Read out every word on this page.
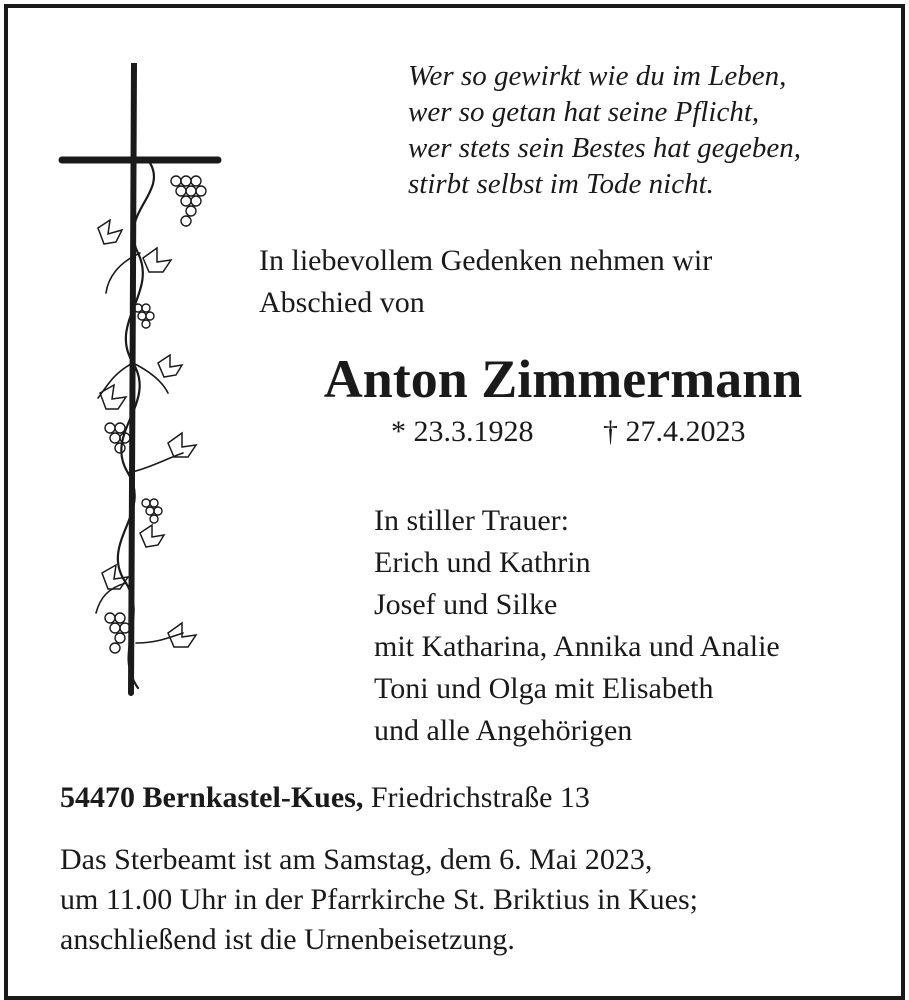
Wer so gewirkt wie du im Leben,
wer so getan hat seine Pflicht,
wer stets sein Bestes hat gegeben,
stirbt selbst im Tode nicht.
In liebevollem Gedenken nehmen wir
Abschied von
Anton Zimmermann
* 23.3.1928 † 27.4.2023
In stiller Trauer:
Erich und Kathrin
Josef und Silke
mit Katharina, Annika und Analie
Toni und Olga mit Elisabeth
und alle Angehörigen
54470 Bernkastel-Kues, Friedrichstraße 13
Das Sterbeamt ist am Samstag, dem 6. Mai 2023,
um 11.00 Uhr in der Pfarrkirche St. Briktius in Kues;
anschließend ist die Urnenbeisetzung.
